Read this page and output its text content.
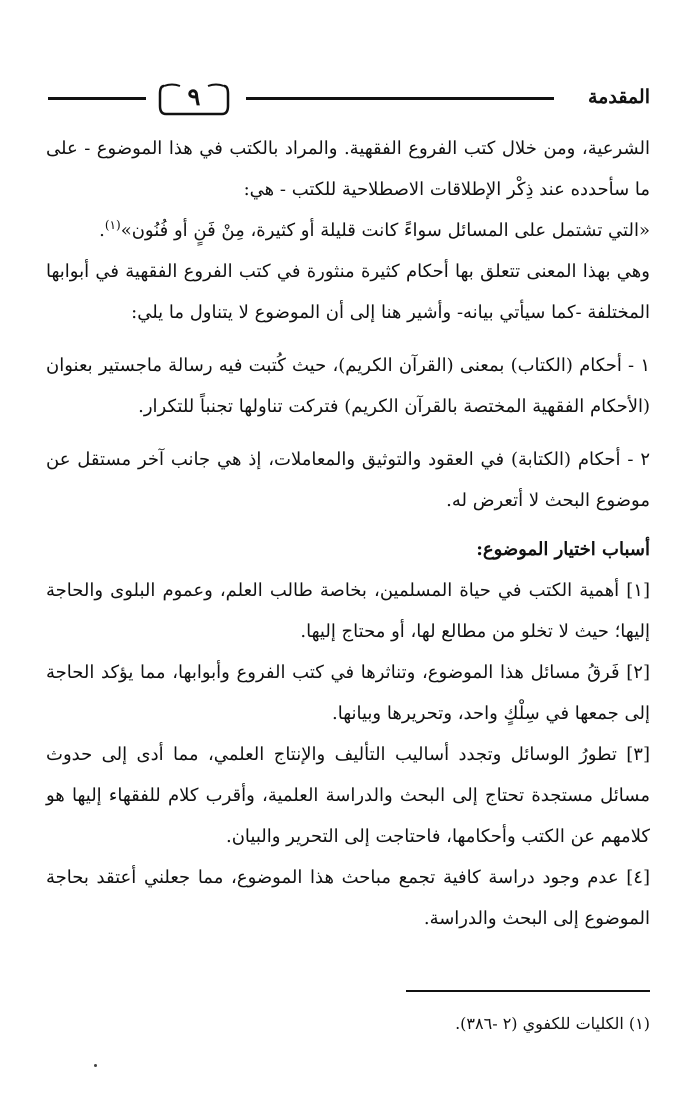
المقدمة
٩

الشرعية، ومن خلال كتب الفروع الفقهية. والمراد بالكتب في هذا الموضوع - على ما سأحدده عند ذِكْر الإطلاقات الاصطلاحية للكتب - هي:

«التي تشتمل على المسائل سواءً كانت قليلة أو كثيرة، مِنْ فَنٍ أو فُنُون»$^{(١)}$.

وهي بهذا المعنى تتعلق بها أحكام كثيرة منثورة في كتب الفروع الفقهية في أبوابها المختلفة -كما سيأتي بيانه- وأشير هنا إلى أن الموضوع لا يتناول ما يلي:

١ - أحكام (الكتاب) بمعنى (القرآن الكريم)، حيث كُتبت فيه رسالة ماجستير بعنوان (الأحكام الفقهية المختصة بالقرآن الكريم) فتركت تناولها تجنباً للتكرار.

٢ - أحكام (الكتابة) في العقود والتوثيق والمعاملات، إذ هي جانب آخر مستقل عن موضوع البحث لا أتعرض له.

أسباب اختيار الموضوع:

[١] أهمية الكتب في حياة المسلمين، بخاصة طالب العلم، وعموم البلوى والحاجة إليها؛ حيث لا تخلو من مطالع لها، أو محتاج إليها.

[٢] فَرقُ مسائل هذا الموضوع، وتناثرها في كتب الفروع وأبوابها، مما يؤكد الحاجة إلى جمعها في سِلْكٍ واحد، وتحريرها وبيانها.

[٣] تطورُ الوسائل وتجدد أساليب التأليف والإنتاج العلمي، مما أدى إلى حدوث مسائل مستجدة تحتاج إلى البحث والدراسة العلمية، وأقرب كلام للفقهاء إليها هو كلامهم عن الكتب وأحكامها، فاحتاجت إلى التحرير والبيان.

[٤] عدم وجود دراسة كافية تجمع مباحث هذا الموضوع، مما جعلني أعتقد بحاجة الموضوع إلى البحث والدراسة.

(١) الكليات للكفوي (٢ -٣٨٦).
